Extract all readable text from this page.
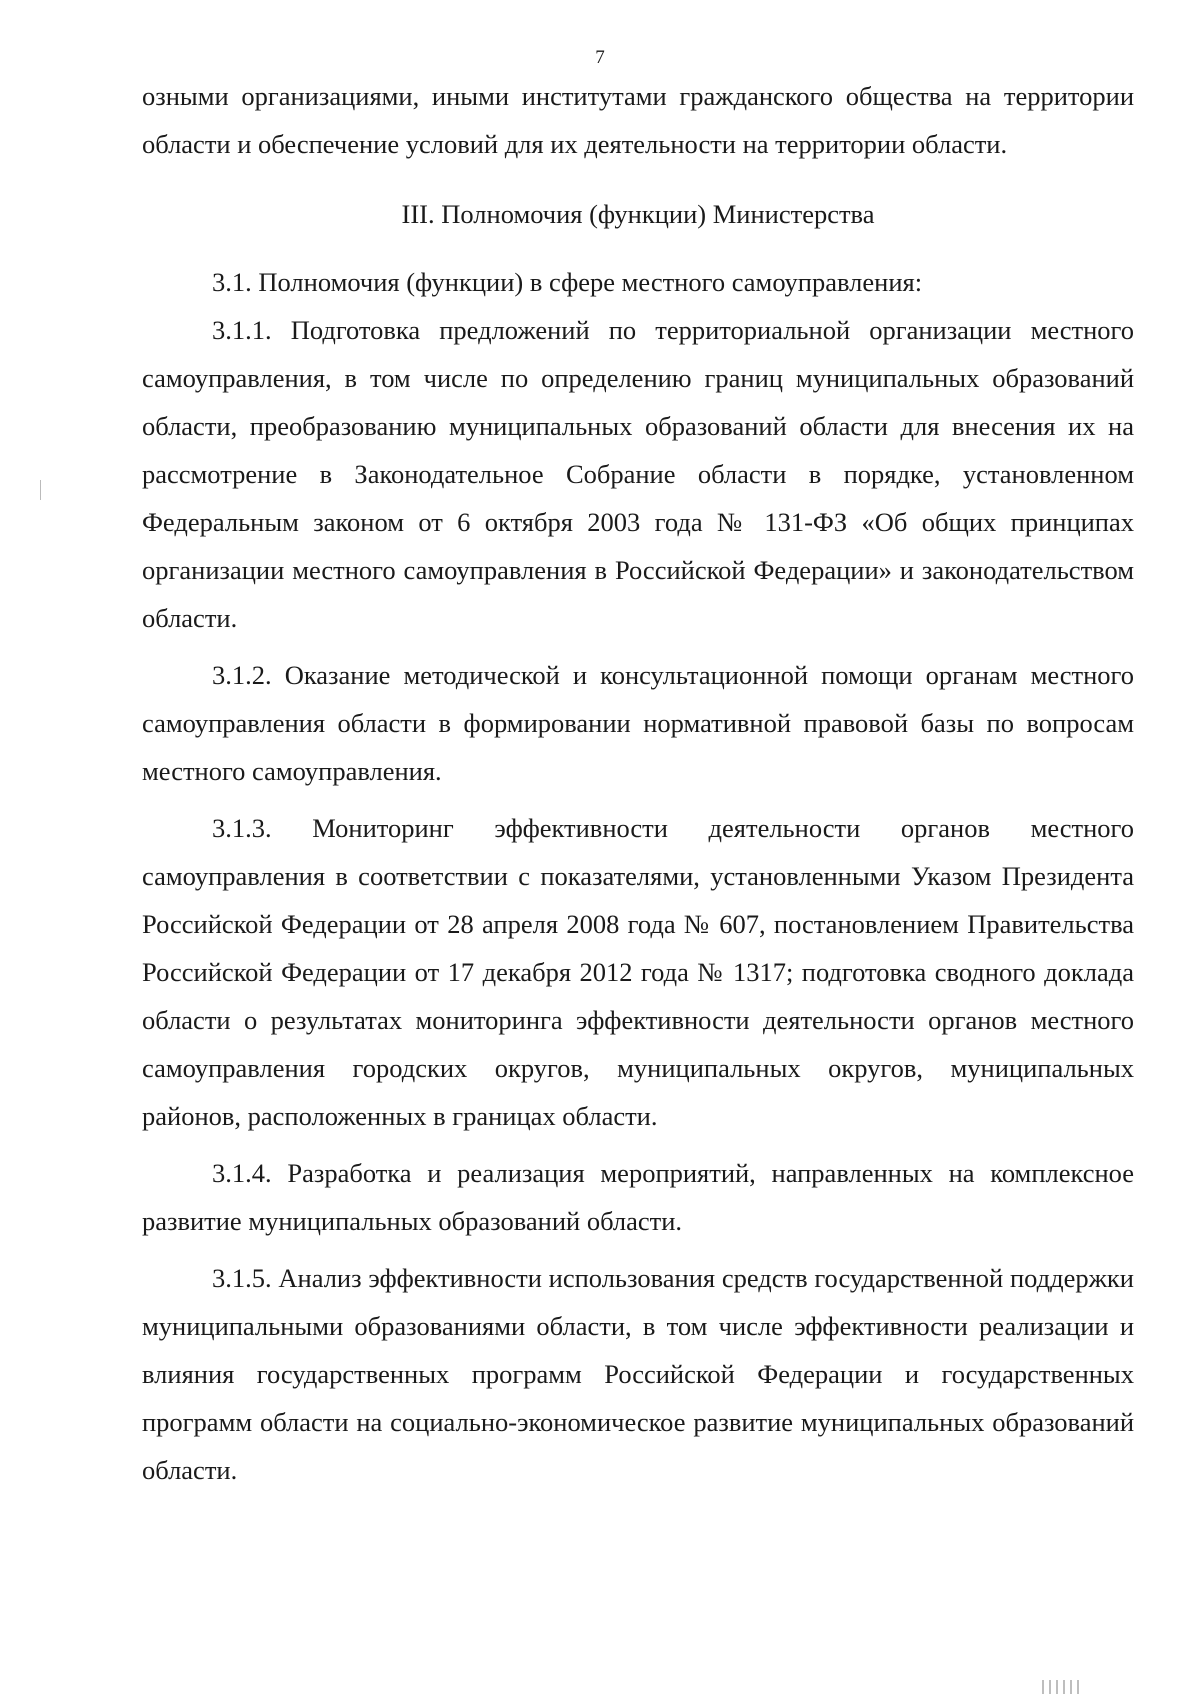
7

озными организациями, иными институтами гражданского общества на территории области и обеспечение условий для их деятельности на территории области.

III. Полномочия (функции) Министерства

3.1. Полномочия (функции) в сфере местного самоуправления:

3.1.1. Подготовка предложений по территориальной организации местного самоуправления, в том числе по определению границ муниципальных образований области, преобразованию муниципальных образований области для внесения их на рассмотрение в Законодательное Собрание области в порядке, установленном Федеральным законом от 6 октября 2003 года № 131-ФЗ «Об общих принципах организации местного самоуправления в Российской Федерации» и законодательством области.

3.1.2. Оказание методической и консультационной помощи органам местного самоуправления области в формировании нормативной правовой базы по вопросам местного самоуправления.

3.1.3. Мониторинг эффективности деятельности органов местного самоуправления в соответствии с показателями, установленными Указом Президента Российской Федерации от 28 апреля 2008 года № 607, постановлением Правительства Российской Федерации от 17 декабря 2012 года № 1317; подготовка сводного доклада области о результатах мониторинга эффективности деятельности органов местного самоуправления городских округов, муниципальных округов, муниципальных районов, расположенных в границах области.

3.1.4. Разработка и реализация мероприятий, направленных на комплексное развитие муниципальных образований области.

3.1.5. Анализ эффективности использования средств государственной поддержки муниципальными образованиями области, в том числе эффективности реализации и влияния государственных программ Российской Федерации и государственных программ области на социально-экономическое развитие муниципальных образований области.
